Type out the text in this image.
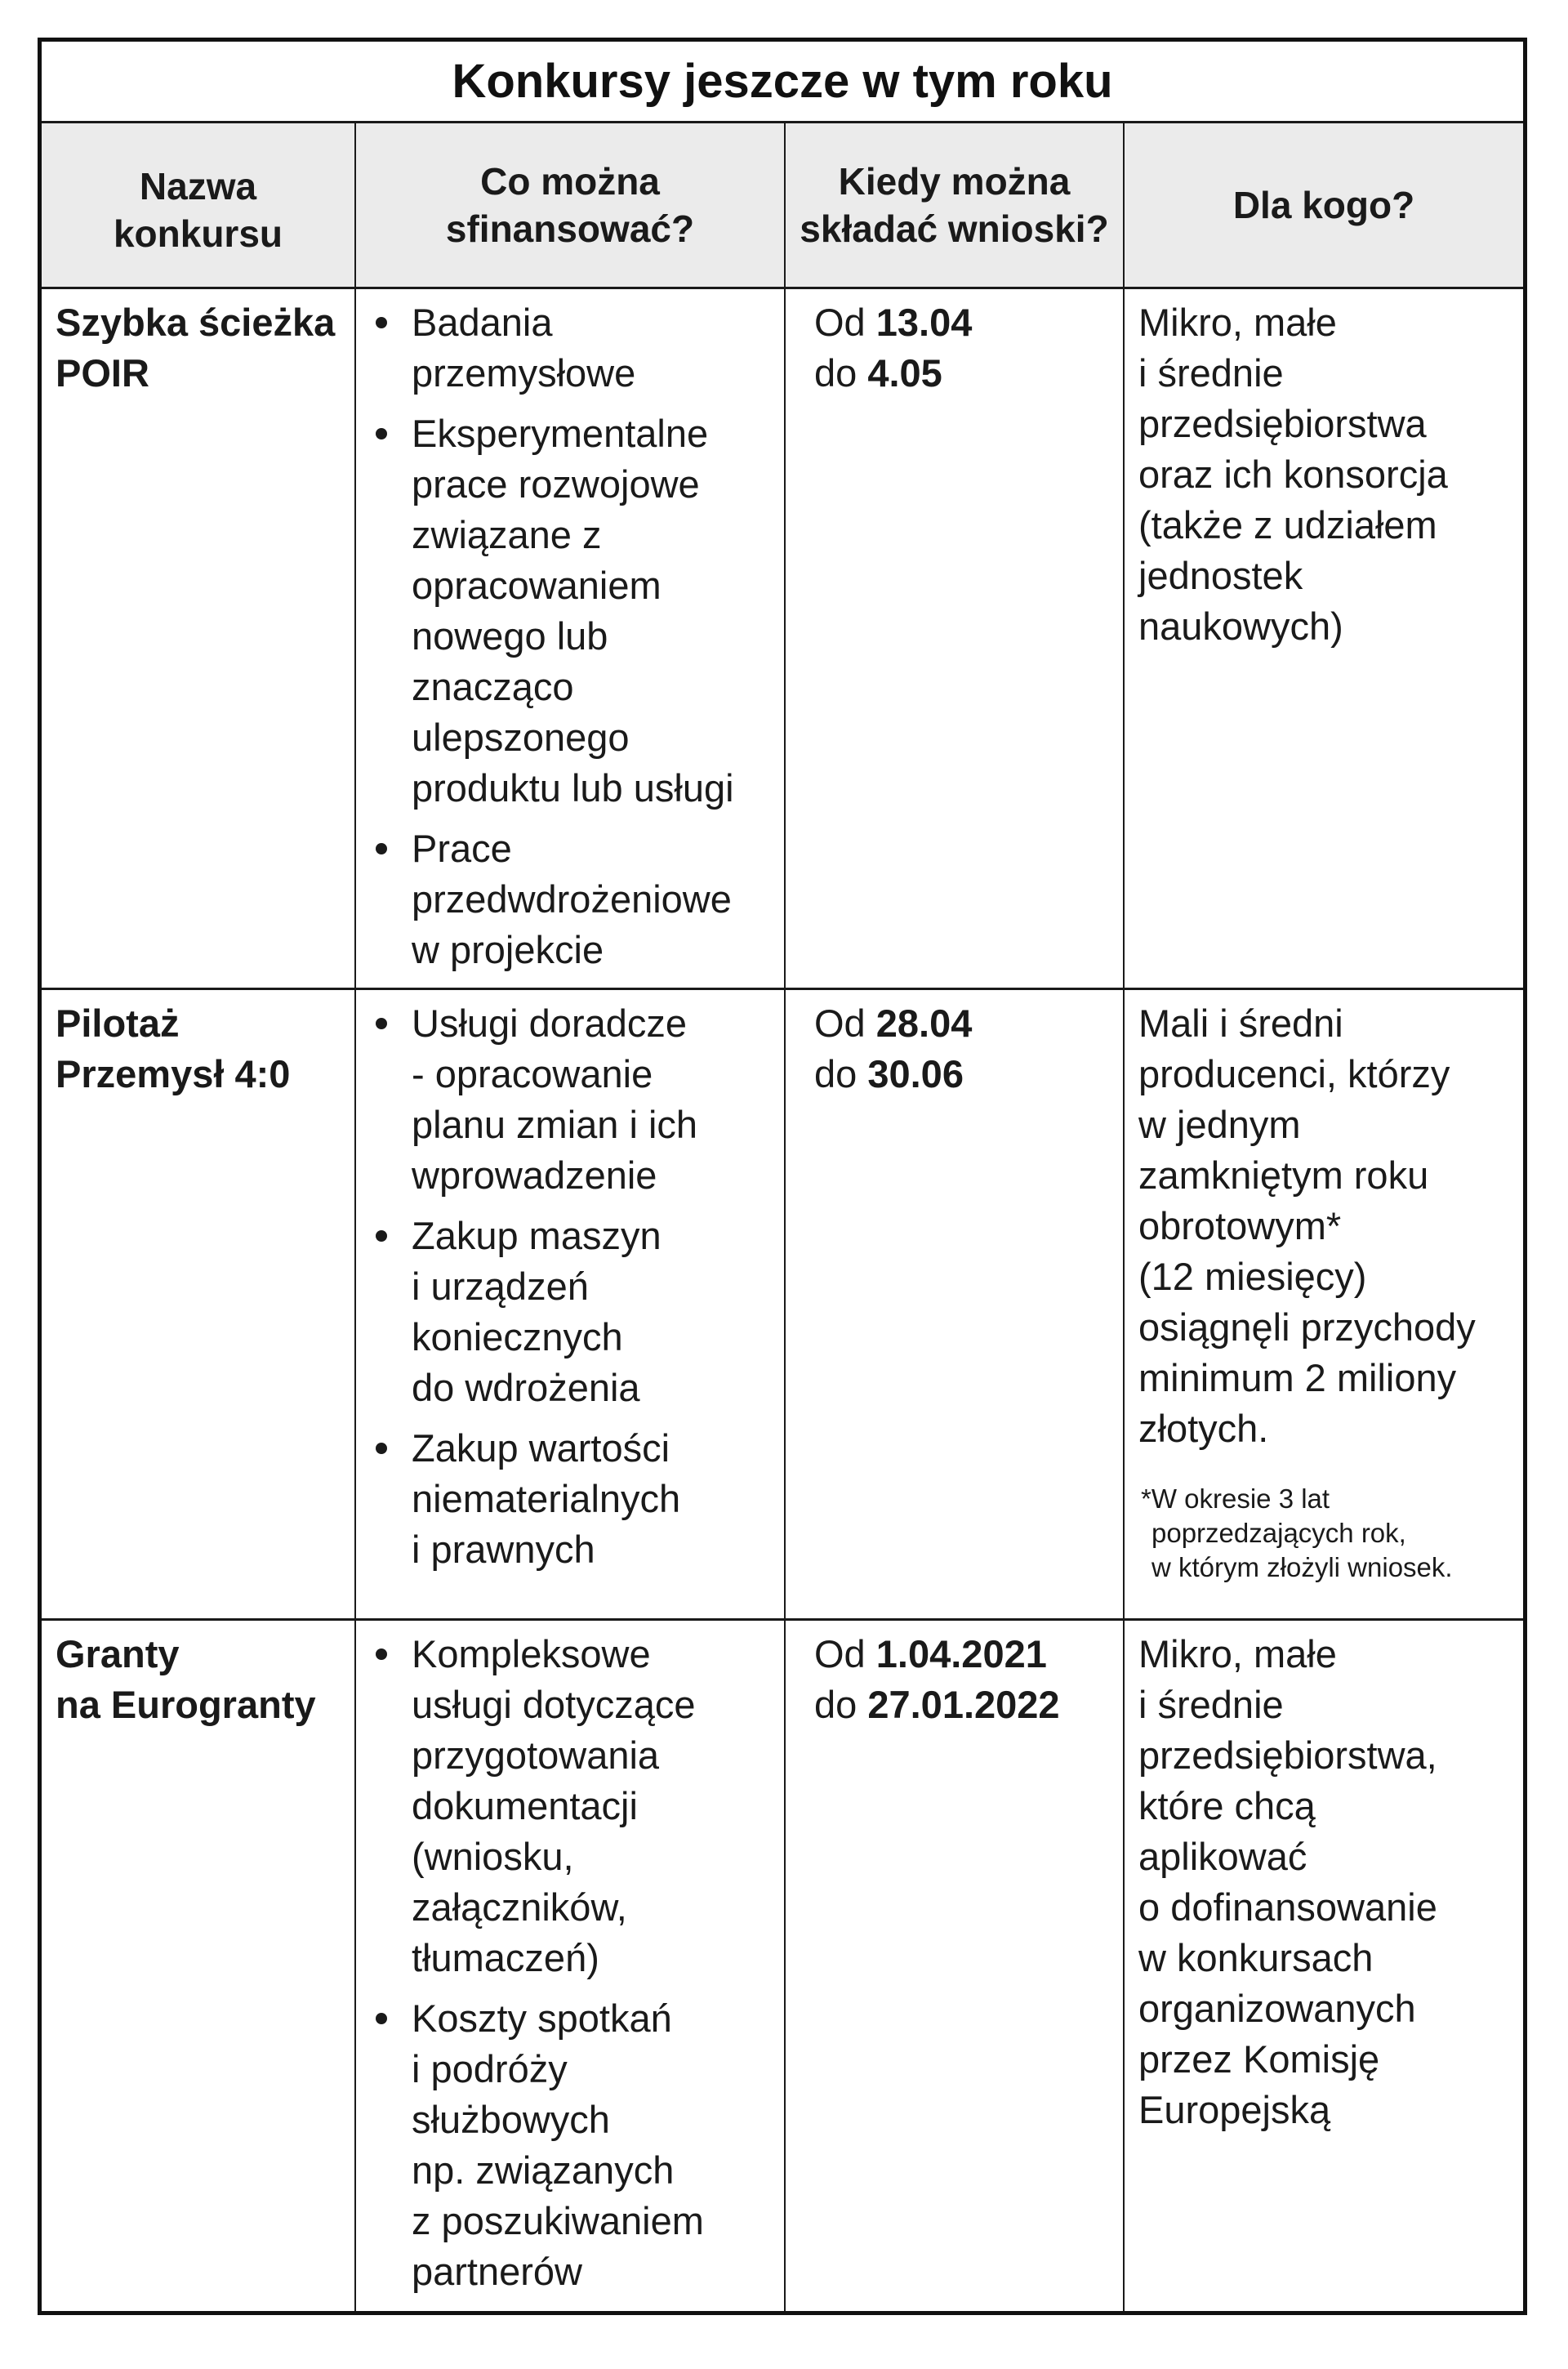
Konkursy jeszcze w tym roku
Nazwa
konkursu
Co można
sfinansować?
Kiedy można
składać wnioski?
Dla kogo?
Szybka ścieżka
POIR
Badania
przemysłowe
Eksperymentalne
prace rozwojowe
związane z
opracowaniem
nowego lub
znacząco
ulepszonego
produktu lub usługi
Prace
przedwdrożeniowe
w projekcie
Od 13.04
do 4.05
Mikro, małe
i średnie
przedsiębiorstwa
oraz ich konsorcja
(także z udziałem
jednostek
naukowych)
Pilotaż
Przemysł 4:0
Usługi doradcze
- opracowanie
planu zmian i ich
wprowadzenie
Zakup maszyn
i urządzeń
koniecznych
do wdrożenia
Zakup wartości
niematerialnych
i prawnych
Od 28.04
do 30.06
Mali i średni
producenci, którzy
w jednym
zamkniętym roku
obrotowym*
(12 miesięcy)
osiągnęli przychody
minimum 2 miliony
złotych.
*W okresie 3 lat
poprzedzających rok,
w którym złożyli wniosek.
Granty
na Eurogranty
Kompleksowe
usługi dotyczące
przygotowania
dokumentacji
(wniosku,
załączników,
tłumaczeń)
Koszty spotkań
i podróży
służbowych
np. związanych
z poszukiwaniem
partnerów
Od 1.04.2021
do 27.01.2022
Mikro, małe
i średnie
przedsiębiorstwa,
które chcą
aplikować
o dofinansowanie
w konkursach
organizowanych
przez Komisję
Europejską
